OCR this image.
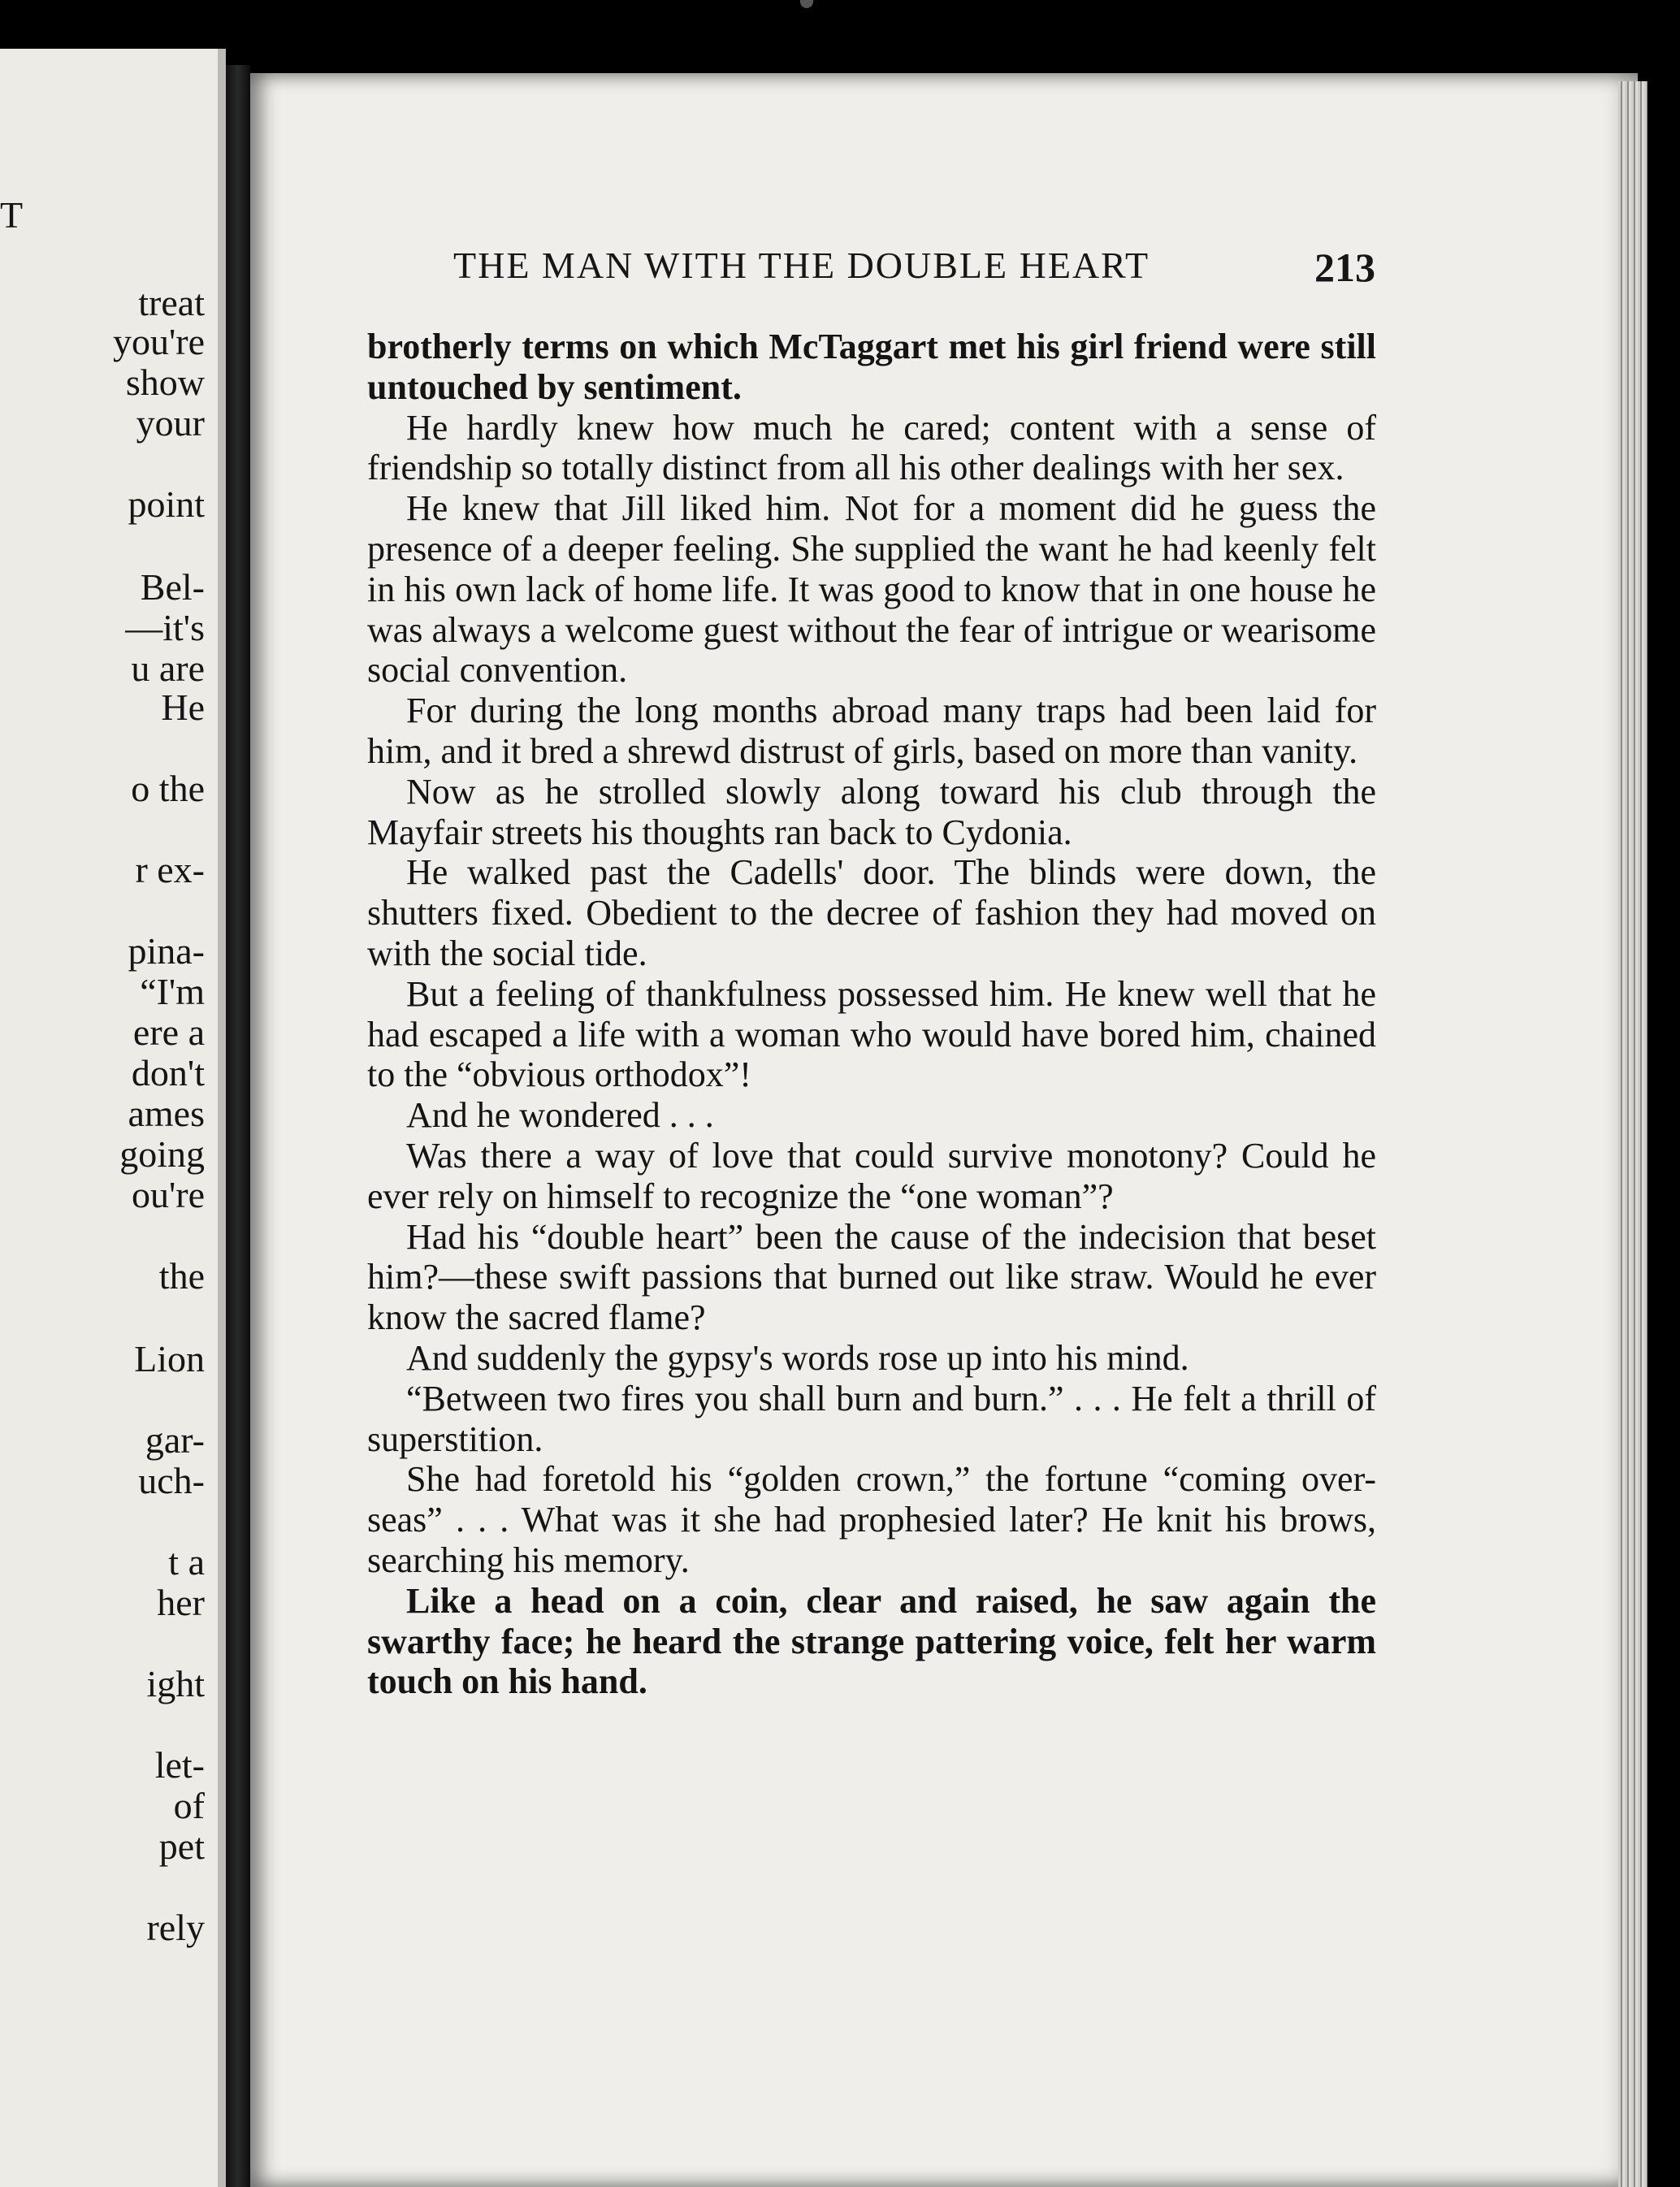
T
treat
you're
show
your
point
Bel-
—it's
u are
He
o the
r ex-
pina-
“I'm
ere a
don't
ames
going
ou're
the
Lion
gar-
uch-
t a
her
ight
let-
of
pet
rely
THE MAN WITH THE DOUBLE HEART	213

brotherly terms on which McTaggart met his girl friend were still untouched by sentiment.

He hardly knew how much he cared; content with a sense of friendship so totally distinct from all his other dealings with her sex.

He knew that Jill liked him. Not for a moment did he guess the presence of a deeper feeling. She supplied the want he had keenly felt in his own lack of home life. It was good to know that in one house he was always a welcome guest without the fear of intrigue or wearisome social convention.

For during the long months abroad many traps had been laid for him, and it bred a shrewd distrust of girls, based on more than vanity.

Now as he strolled slowly along toward his club through the Mayfair streets his thoughts ran back to Cydonia.

He walked past the Cadells' door. The blinds were down, the shutters fixed. Obedient to the decree of fashion they had moved on with the social tide.

But a feeling of thankfulness possessed him. He knew well that he had escaped a life with a woman who would have bored him, chained to the “obvious orthodox”!

And he wondered . . .

Was there a way of love that could survive monotony? Could he ever rely on himself to recognize the “one woman”?

Had his “double heart” been the cause of the indecision that beset him?—these swift passions that burned out like straw. Would he ever know the sacred flame?

And suddenly the gypsy's words rose up into his mind.

“Between two fires you shall burn and burn.” . . . He felt a thrill of superstition.

She had foretold his “golden crown,” the fortune “coming over-seas” . . . What was it she had prophesied later? He knit his brows, searching his memory.

Like a head on a coin, clear and raised, he saw again the swarthy face; he heard the strange pattering voice, felt her warm touch on his hand.
